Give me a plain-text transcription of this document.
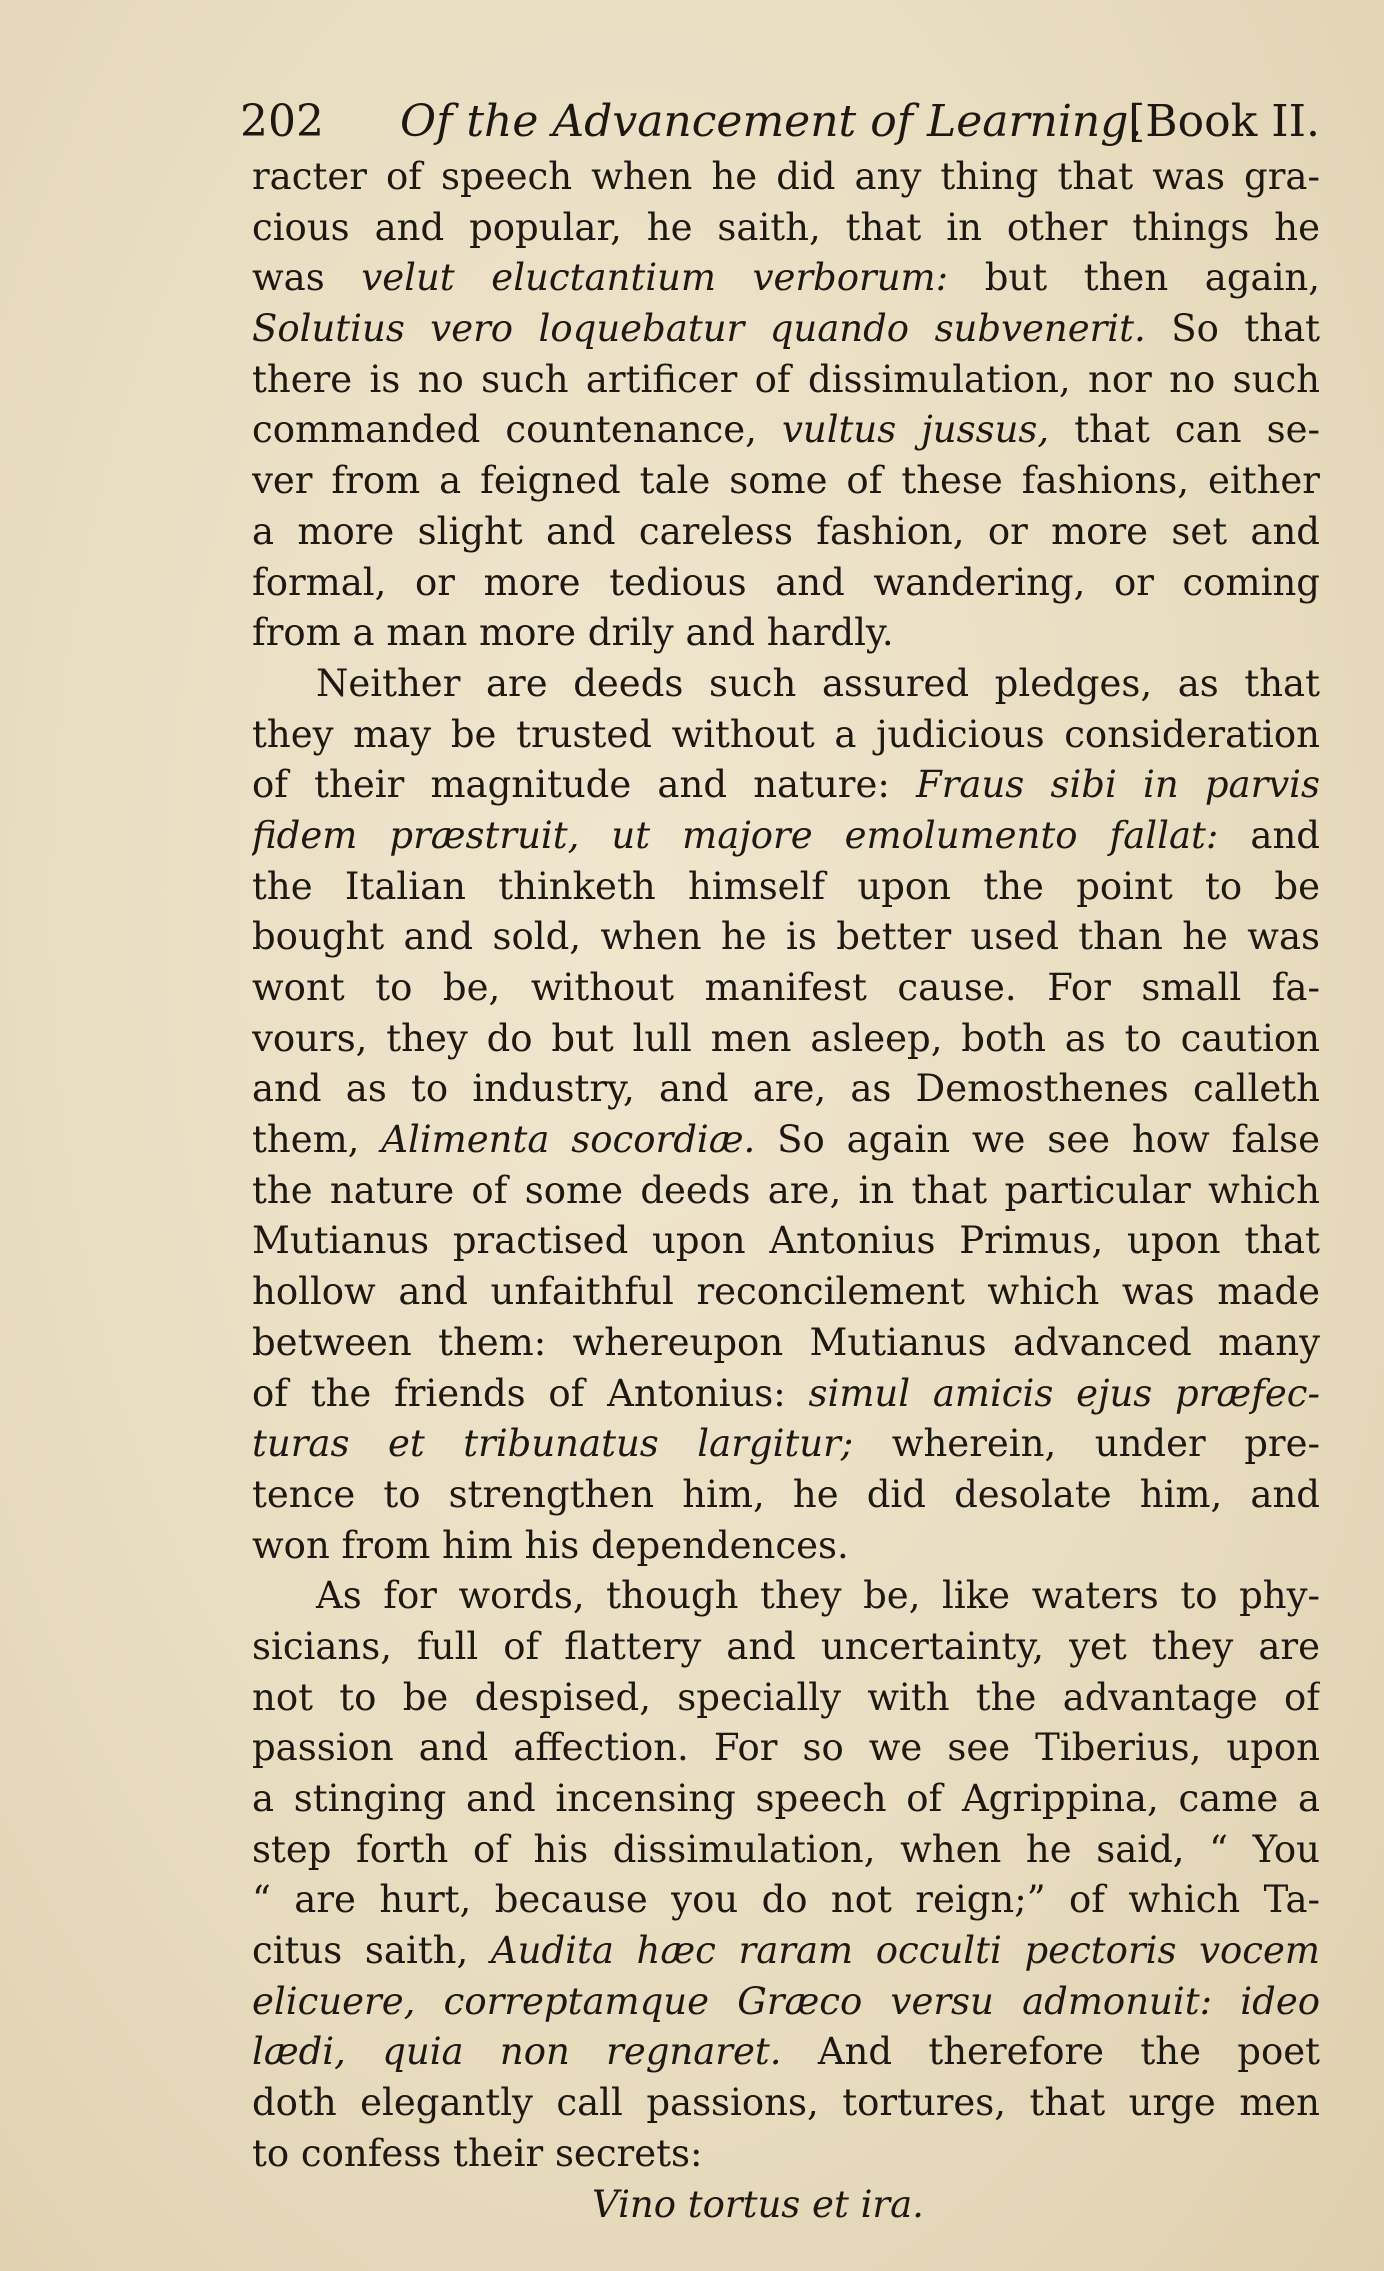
202 Of the Advancement of Learning.
[Book II.
racter of speech when he did any thing that was gra-
cious and popular, he saith, that in other things he
was velut eluctantium verborum: but then again,
Solutius vero loquebatur quando subvenerit. So that
there is no such artificer of dissimulation, nor no such
commanded countenance, vultus jussus, that can se-
ver from a feigned tale some of these fashions, either
a more slight and careless fashion, or more set and
formal, or more tedious and wandering, or coming
from a man more drily and hardly.
Neither are deeds such assured pledges, as that
they may be trusted without a judicious consideration
of their magnitude and nature: Fraus sibi in parvis
fidem præstruit, ut majore emolumento fallat: and
the Italian thinketh himself upon the point to be
bought and sold, when he is better used than he was
wont to be, without manifest cause. For small fa-
vours, they do but lull men asleep, both as to caution
and as to industry, and are, as Demosthenes calleth
them, Alimenta socordiæ. So again we see how false
the nature of some deeds are, in that particular which
Mutianus practised upon Antonius Primus, upon that
hollow and unfaithful reconcilement which was made
between them: whereupon Mutianus advanced many
of the friends of Antonius: simul amicis ejus præfec-
turas et tribunatus largitur; wherein, under pre-
tence to strengthen him, he did desolate him, and
won from him his dependences.
As for words, though they be, like waters to phy-
sicians, full of flattery and uncertainty, yet they are
not to be despised, specially with the advantage of
passion and affection. For so we see Tiberius, upon
a stinging and incensing speech of Agrippina, came a
step forth of his dissimulation, when he said, “ You
“ are hurt, because you do not reign;” of which Ta-
citus saith, Audita hæc raram occulti pectoris vocem
elicuere, correptamque Græco versu admonuit: ideo
lædi, quia non regnaret. And therefore the poet
doth elegantly call passions, tortures, that urge men
to confess their secrets:
Vino tortus et ira.
